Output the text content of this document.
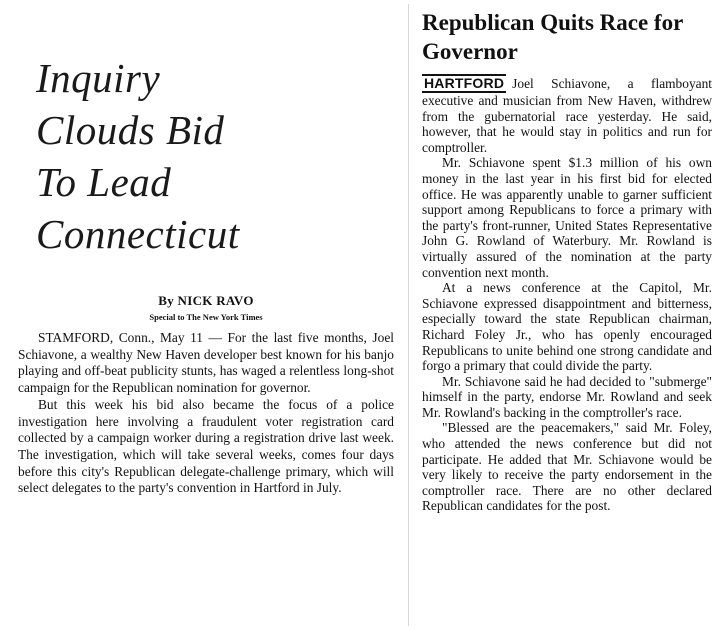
Inquiry
Clouds Bid
To Lead
Connecticut
By NICK RAVO
Special to The New York Times

STAMFORD, Conn., May 11 — For the last five months, Joel Schiavone, a wealthy New Haven developer best known for his banjo playing and off-beat publicity stunts, has waged a relentless long-shot campaign for the Republican nomination for governor.

But this week his bid also became the focus of a police investigation here involving a fraudulent voter registration card collected by a campaign worker during a registration drive last week. The investigation, which will take several weeks, comes four days before this city's Republican delegate-challenge primary, which will select delegates to the party's convention in Hartford in July.

Republican Quits Race for Governor

HARTFORD Joel Schiavone, a flamboyant executive and musician from New Haven, withdrew from the gubernatorial race yesterday. He said, however, that he would stay in politics and run for comptroller.

Mr. Schiavone spent $1.3 million of his own money in the last year in his first bid for elected office. He was apparently unable to garner sufficient support among Republicans to force a primary with the party's front-runner, United States Representative John G. Rowland of Waterbury. Mr. Rowland is virtually assured of the nomination at the party convention next month.

At a news conference at the Capitol, Mr. Schiavone expressed disappointment and bitterness, especially toward the state Republican chairman, Richard Foley Jr., who has openly encouraged Republicans to unite behind one strong candidate and forgo a primary that could divide the party.

Mr. Schiavone said he had decided to "submerge" himself in the party, endorse Mr. Rowland and seek Mr. Rowland's backing in the comptroller's race.

"Blessed are the peacemakers," said Mr. Foley, who attended the news conference but did not participate. He added that Mr. Schiavone would be very likely to receive the party endorsement in the comptroller race. There are no other declared Republican candidates for the post.
